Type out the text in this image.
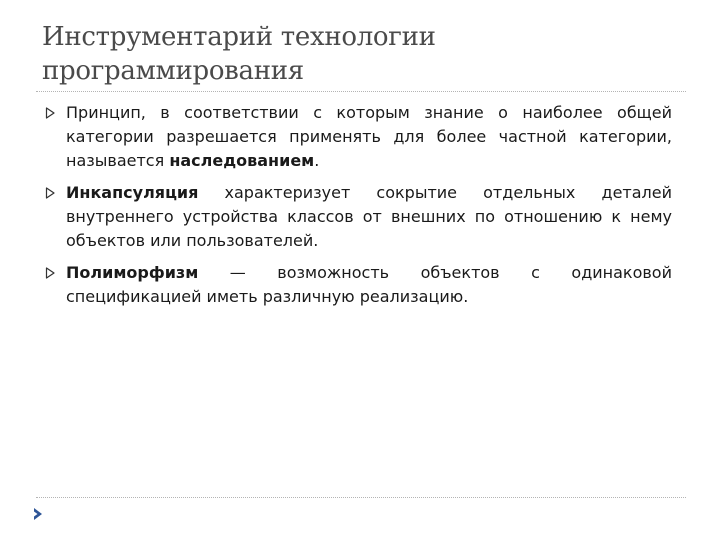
Инструментарий технологии
программирования
Принцип, в соответствии с которым знание о наиболее общей категории разрешается применять для более частной категории, называется наследованием.
Инкапсуляция характеризует сокрытие отдельных деталей внутреннего устройства классов от внешних по отношению к нему объектов или пользователей.
Полиморфизм — возможность объектов с одинаковой спецификацией иметь различную реализацию.
